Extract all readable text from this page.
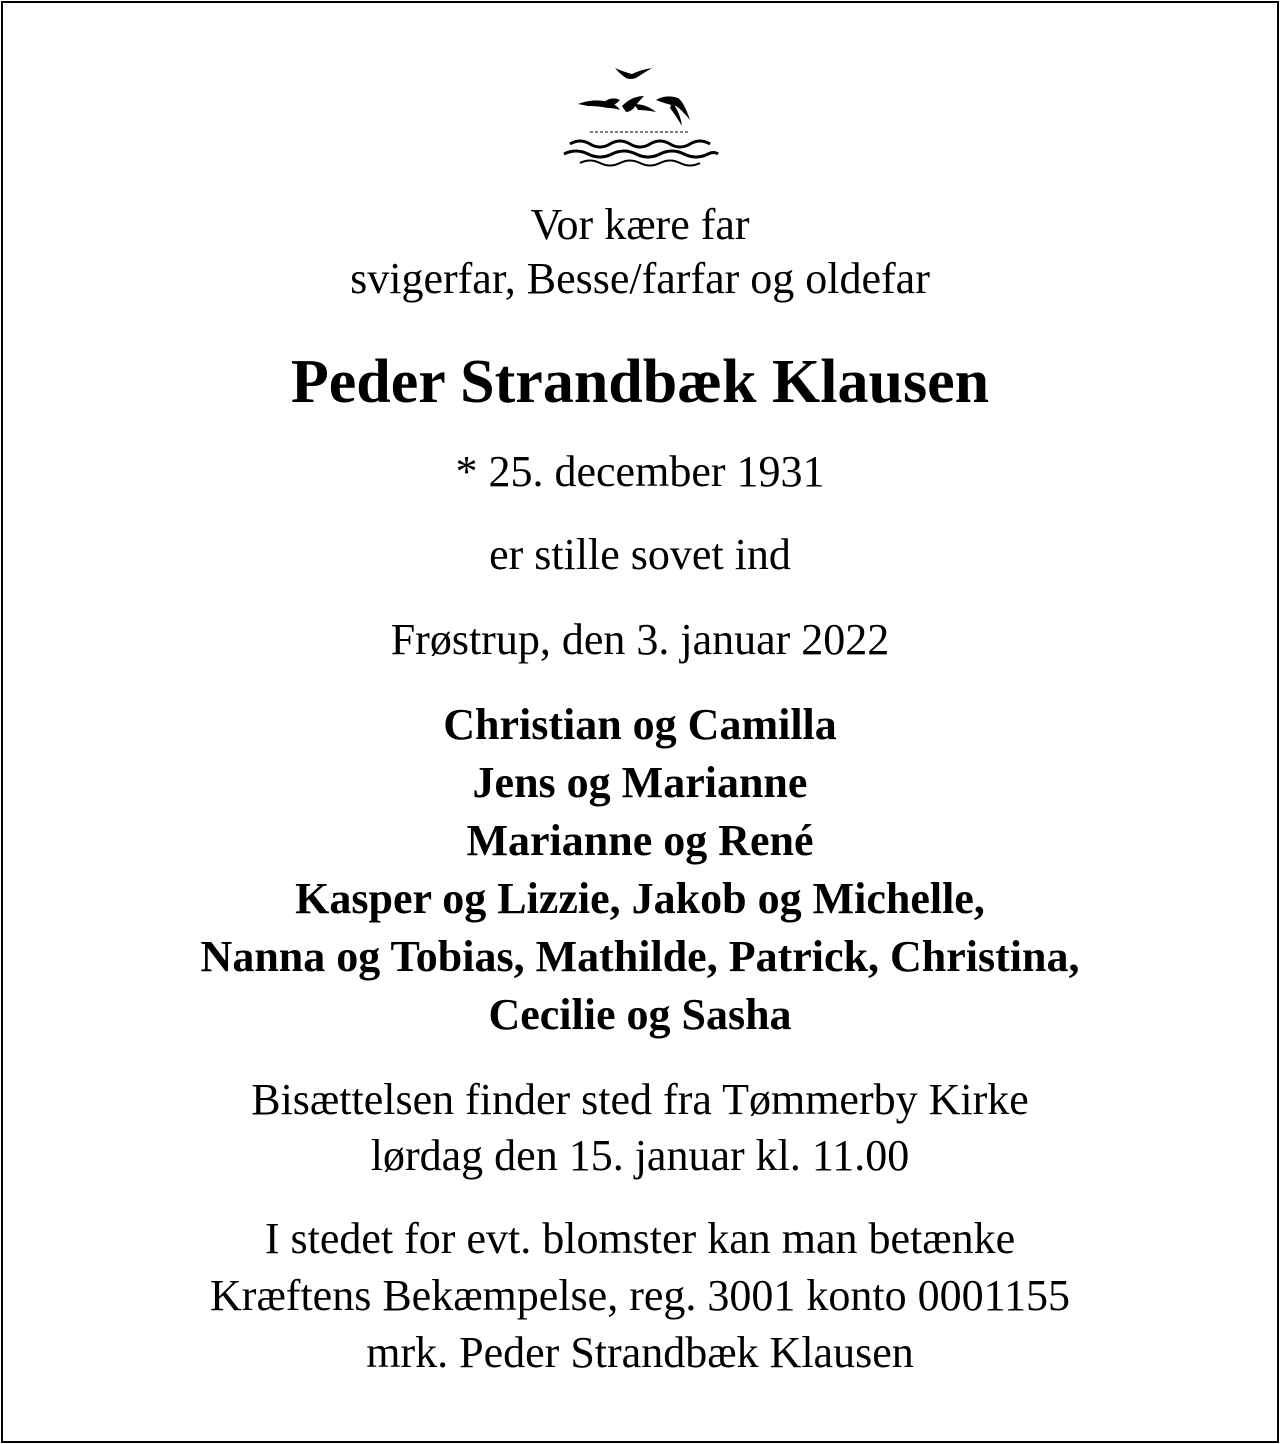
Vor kære far
svigerfar, Besse/farfar og oldefar
Peder Strandbæk Klausen
* 25. december 1931
er stille sovet ind
Frøstrup, den 3. januar 2022
Christian og Camilla
Jens og Marianne
Marianne og René
Kasper og Lizzie, Jakob og Michelle,
Nanna og Tobias, Mathilde, Patrick, Christina,
Cecilie og Sasha
Bisættelsen finder sted fra Tømmerby Kirke
lørdag den 15. januar kl. 11.00
I stedet for evt. blomster kan man betænke
Kræftens Bekæmpelse, reg. 3001 konto 0001155
mrk. Peder Strandbæk Klausen
